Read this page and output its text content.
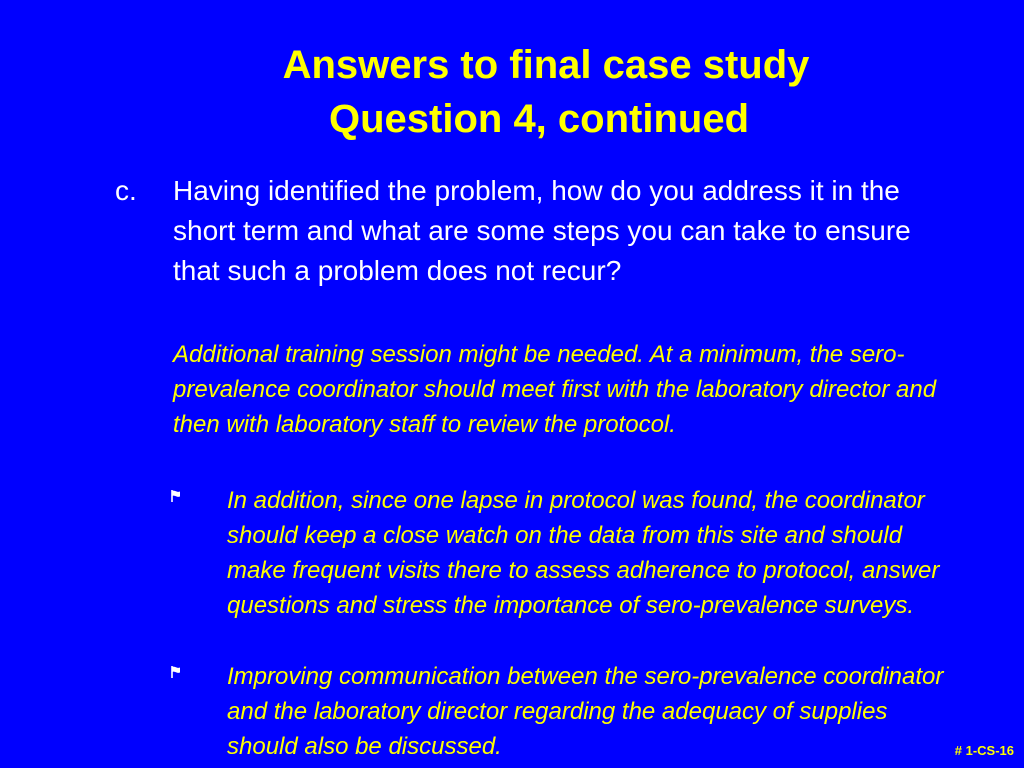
Answers to final case study
Question 4, continued
c. Having identified the problem, how do you address it in the short term and what are some steps you can take to ensure that such a problem does not recur?

Additional training session might be needed. At a minimum, the sero-prevalence coordinator should meet first with the laboratory director and then with laboratory staff to review the protocol.

In addition, since one lapse in protocol was found, the coordinator should keep a close watch on the data from this site and should make frequent visits there to assess adherence to protocol, answer questions and stress the importance of sero-prevalence surveys.

Improving communication between the sero-prevalence coordinator and the laboratory director regarding the adequacy of supplies should also be discussed.	# 1-CS-16
